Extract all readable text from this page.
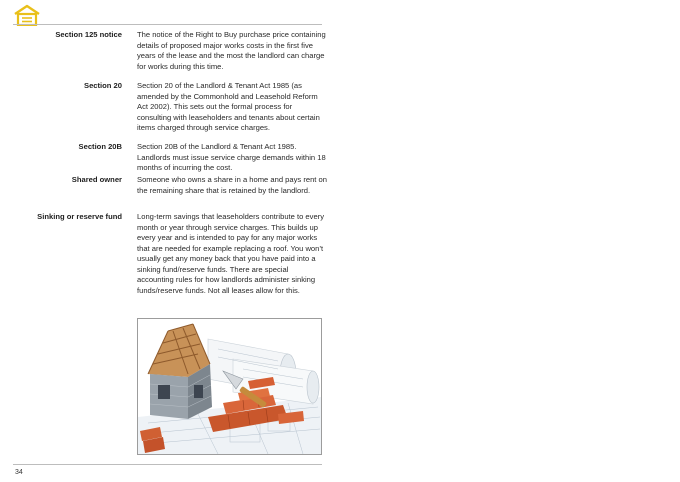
Section 125 notice The notice of the Right to Buy purchase price containing details of proposed major works costs in the first five years of the lease and the most the landlord can charge for works during this time.
Section 20 Section 20 of the Landlord & Tenant Act 1985 (as amended by the Commonhold and Leasehold Reform Act 2002). This sets out the formal process for consulting with leaseholders and tenants about certain items charged through service charges.
Section 20B Section 20B of the Landlord & Tenant Act 1985. Landlords must issue service charge demands within 18 months of incurring the cost.
Shared owner Someone who owns a share in a home and pays rent on the remaining share that is retained by the landlord.
Sinking or reserve fund Long-term savings that leaseholders contribute to every month or year through service charges. This builds up every year and is intended to pay for any major works that are needed for example replacing a roof. You won’t usually get any money back that you have paid into a sinking fund/reserve funds. There are special accounting rules for how landlords administer sinking funds/reserve funds. Not all leases allow for this.
34
